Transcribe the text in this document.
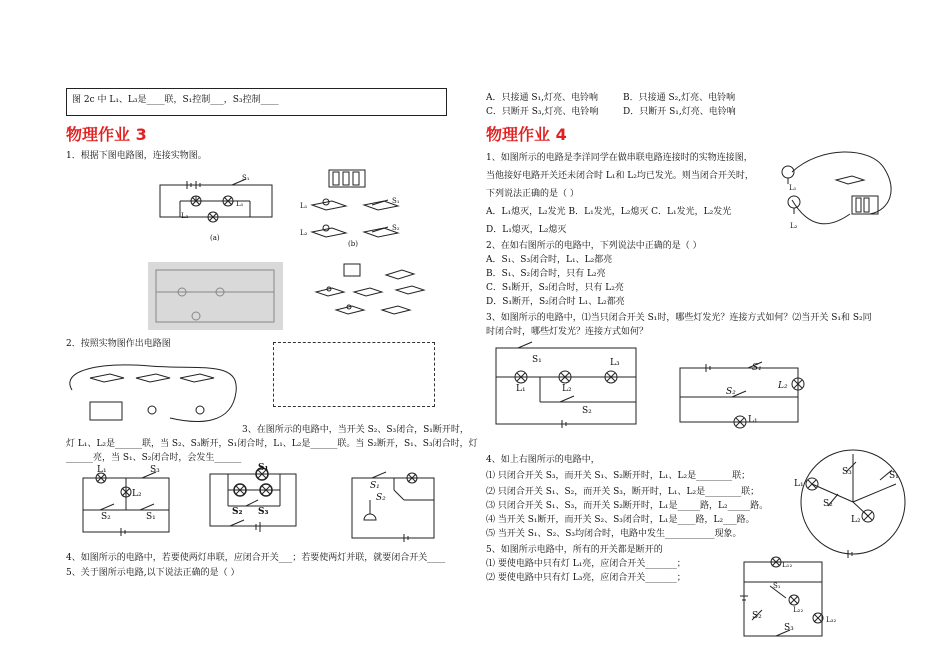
图 2c 中 L₁、L₃是____联，S₁控制___，S₃控制____
物理作业 3
1．根据下图电路图，连接实物图。
S₁
L₁
L₂
(a)
L₁
S₁
L₂
S₂
(b)
2．按照实物图作出电路图
3、在图所示的电路中，当开关 S₂、S₃闭合，S₁断开时，
灯 L₁、L₂是______联，当 S₂、S₃断开，S₁闭合时，L₁、L₂是______联。当 S₂断开，S₁、S₃闭合时，灯
______亮，当 S₁、S₂闭合时，会发生______
L₁	S₃
L₂
S₂	S₁
S₁
S₂ S₃
S₁
S₂
4、如图所示的电路中，若要使两灯串联，应闭合开关___；若要使两灯并联，就要闭合开关____
5、关于图所示电路,以下说法正确的是（ ）
A．只接通 S₁,灯亮、电铃响	B．只接通 S₂,灯亮、电铃响
C．只断开 S₃,灯亮、电铃响	D．只断开 S₁,灯亮、电铃响
物理作业 4
1、如图所示的电路是李洋同学在做串联电路连接时的实物连接图，
当他接好电路开关还未闭合时 L₁和 L₂均已发光。则当闭合开关时，
下列说法正确的是（ ）
A．L₁熄灭，L₂发光 B．L₁发光，L₂熄灭 C．L₁发光，L₂发光
D．L₁熄灭，L₂熄灭
L₁
L₂
2、在如右图所示的电路中，下列说法中正确的是（ ）
A．S₁、S₃闭合时，L₁、L₂都亮
B．S₁、S₂闭合时，只有 L₂亮
C．S₁断开，S₂闭合时，只有 L₂亮
D．S₁断开，S₂闭合时 L₁、L₂都亮
3、如图所示的电路中，⑴当只闭合开关 S₁时，哪些灯发光？连接方式如何？⑵当开关 S₁和 S₂同
时闭合时，哪些灯发光？连接方式如何？
S₁	L₃
L₁	L₂
S₂
S₁
L₂
S₂
L₁
4、如上右图所示的电路中，
⑴ 只闭合开关 S₃，而开关 S₁、S₂断开时，L₁、L₂是________联；
⑵ 只闭合开关 S₁、S₂，而开关 S₃，断开时，L₁、L₂是________联；
⑶ 只闭合开关 S₁、S₃，而开关 S₂断开时，L₁是_____路，L₂_____路。
⑷ 当开关 S₁断开，而开关 S₂、S₃闭合时，L₁是____路，L₂___路。
⑸ 当开关 S₁、S₂、S₃均闭合时，电路中发生___________现象。
S₃	S₁
L₁
S₂
L₂
5、如图所示电路中，所有的开关都是断开的
⑴ 要使电路中只有灯 L₁亮，应闭合开关_______；
⑵ 要使电路中只有灯 L₃亮，应闭合开关_______；
L₁₂
S₁
L₂₂
L₃₂
S₂
S₃
